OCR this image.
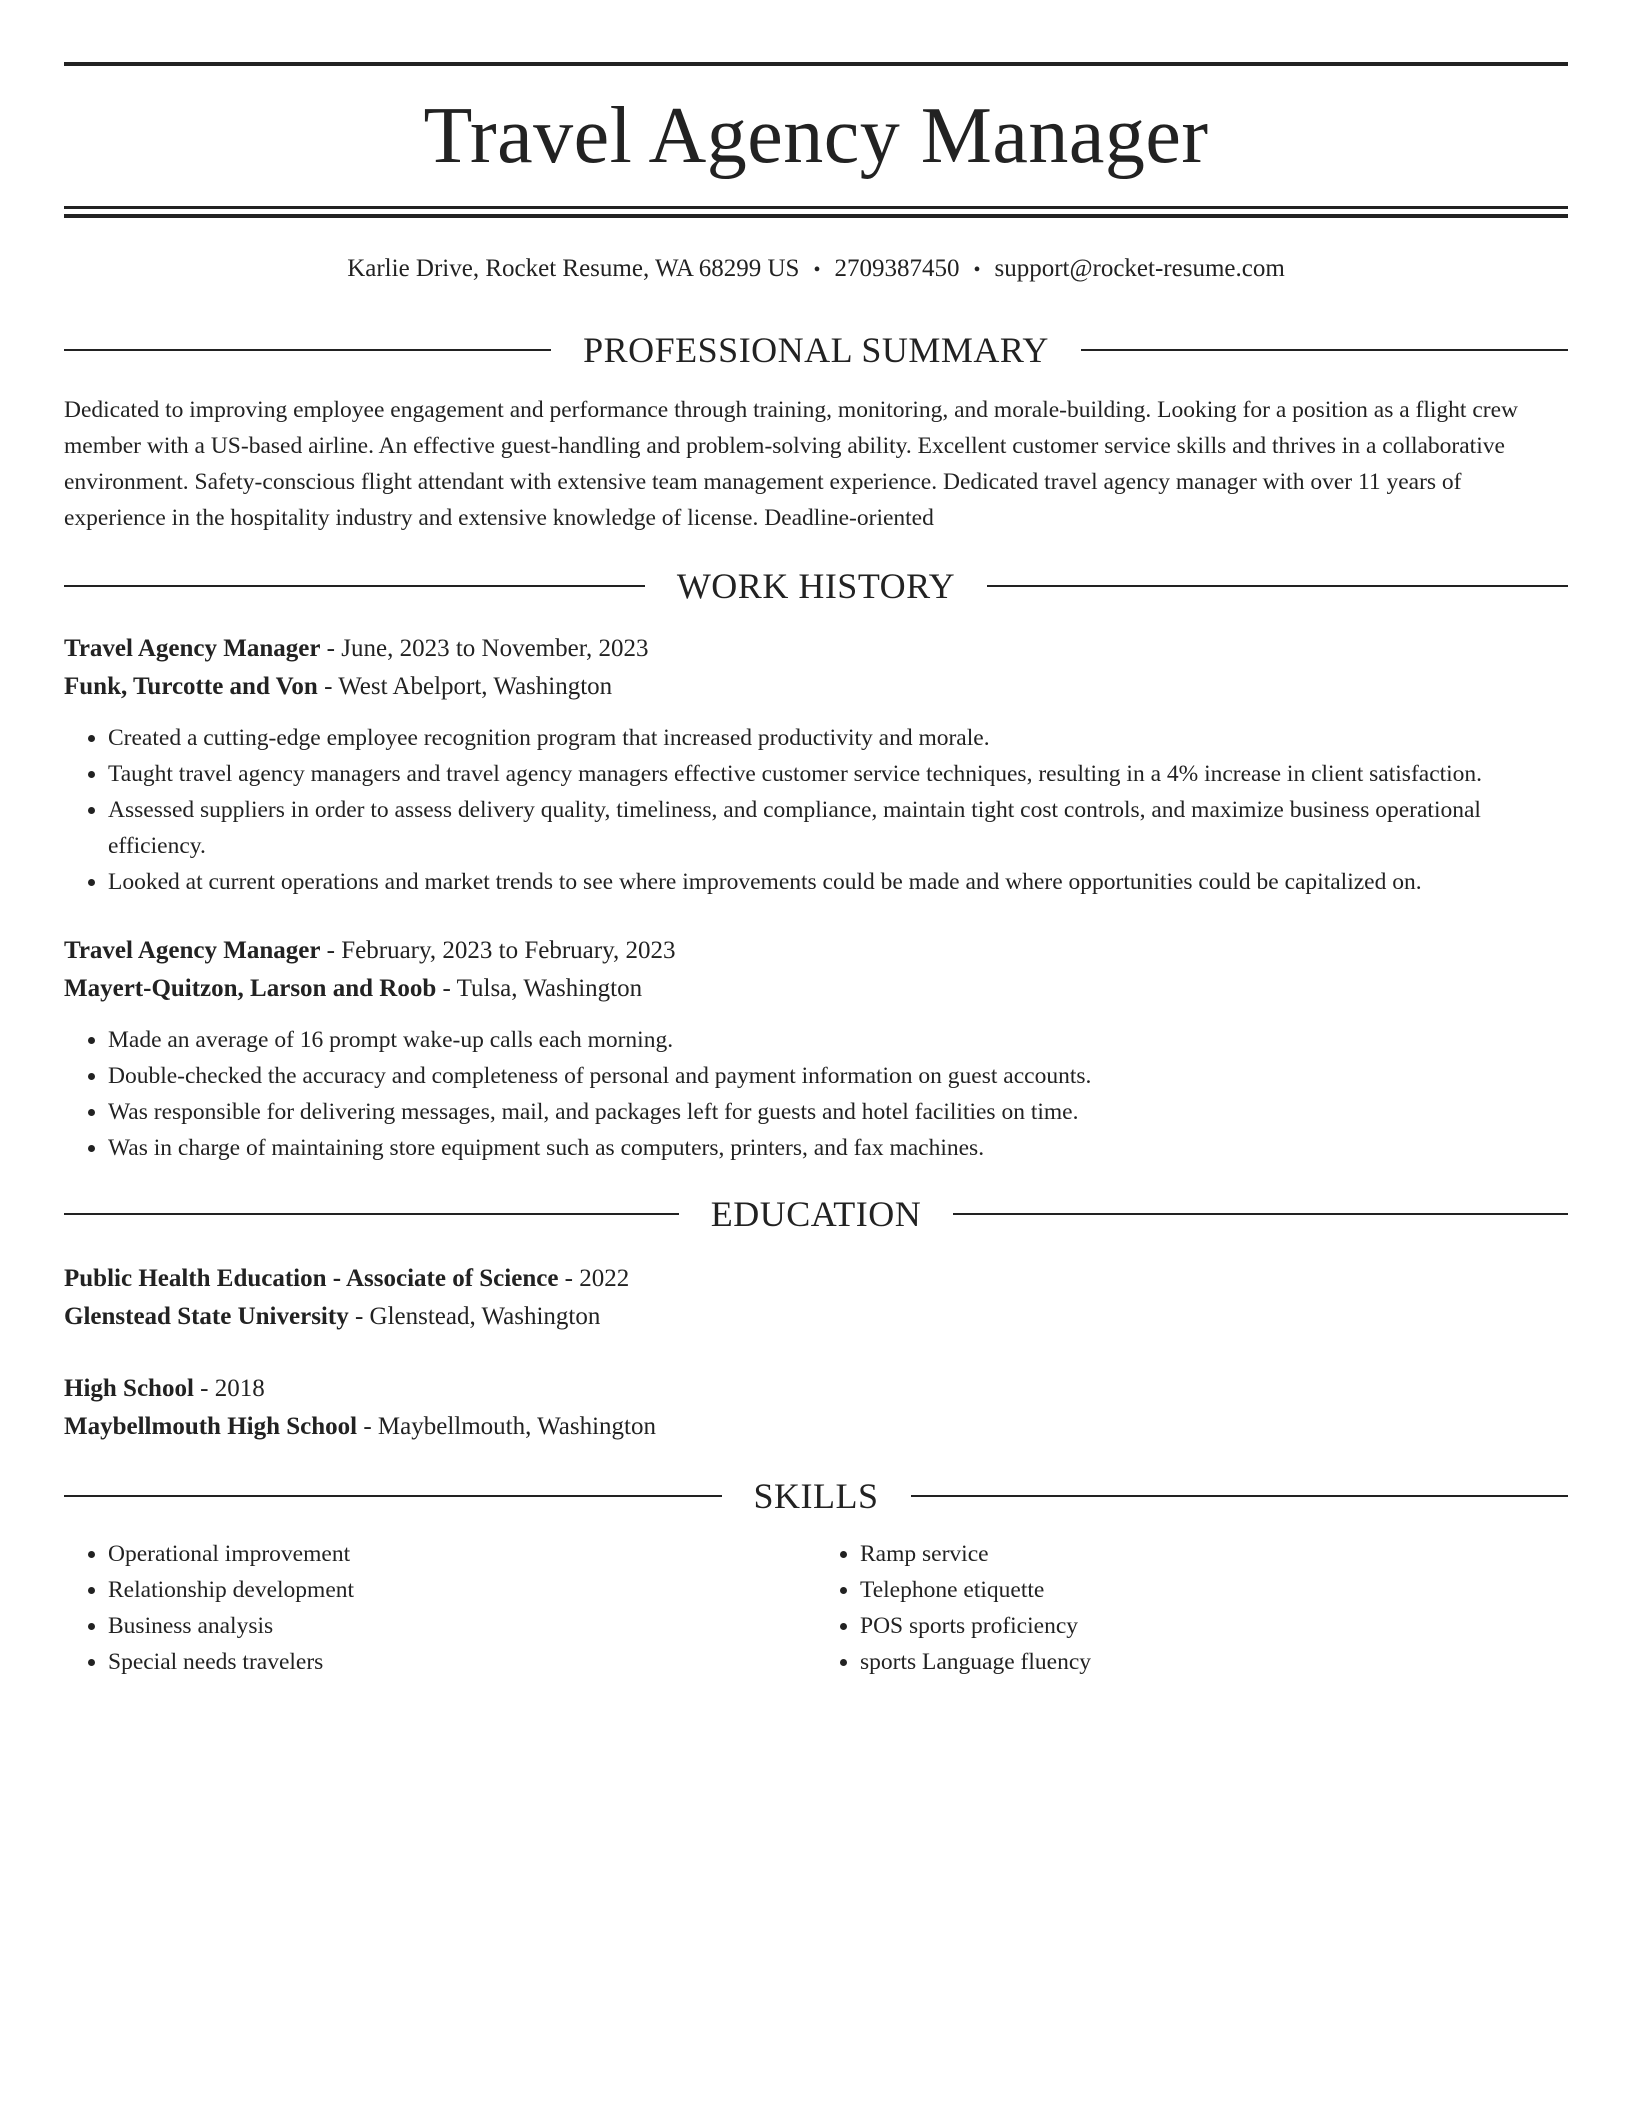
Travel Agency Manager
Karlie Drive, Rocket Resume, WA 68299 US • 2709387450 • support@rocket-resume.com
PROFESSIONAL SUMMARY
Dedicated to improving employee engagement and performance through training, monitoring, and morale-building. Looking for a position as a flight crew member with a US-based airline. An effective guest-handling and problem-solving ability. Excellent customer service skills and thrives in a collaborative environment. Safety-conscious flight attendant with extensive team management experience. Dedicated travel agency manager with over 11 years of experience in the hospitality industry and extensive knowledge of license. Deadline-oriented
WORK HISTORY
Travel Agency Manager - June, 2023 to November, 2023
Funk, Turcotte and Von - West Abelport, Washington
• Created a cutting-edge employee recognition program that increased productivity and morale.
• Taught travel agency managers and travel agency managers effective customer service techniques, resulting in a 4% increase in client satisfaction.
• Assessed suppliers in order to assess delivery quality, timeliness, and compliance, maintain tight cost controls, and maximize business operational efficiency.
• Looked at current operations and market trends to see where improvements could be made and where opportunities could be capitalized on.
Travel Agency Manager - February, 2023 to February, 2023
Mayert-Quitzon, Larson and Roob - Tulsa, Washington
• Made an average of 16 prompt wake-up calls each morning.
• Double-checked the accuracy and completeness of personal and payment information on guest accounts.
• Was responsible for delivering messages, mail, and packages left for guests and hotel facilities on time.
• Was in charge of maintaining store equipment such as computers, printers, and fax machines.
EDUCATION
Public Health Education - Associate of Science - 2022
Glenstead State University - Glenstead, Washington
High School - 2018
Maybellmouth High School - Maybellmouth, Washington
SKILLS
• Operational improvement
• Relationship development
• Business analysis
• Special needs travelers
• Ramp service
• Telephone etiquette
• POS sports proficiency
• sports Language fluency
